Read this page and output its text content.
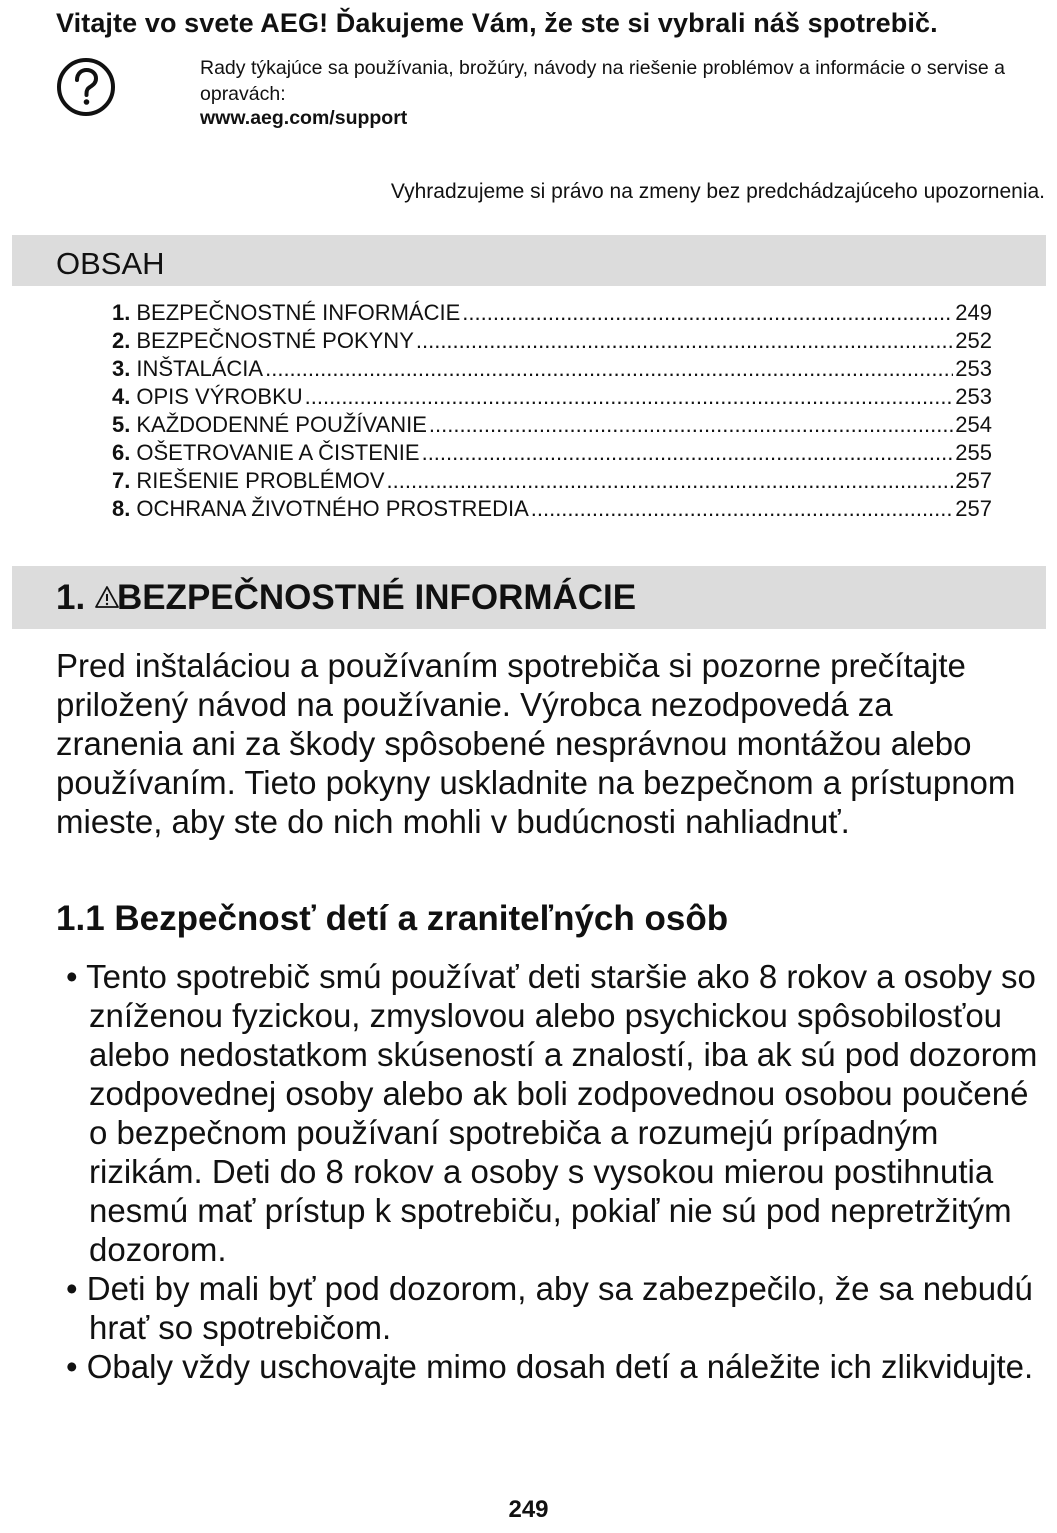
Vitajte vo svete AEG! Ďakujeme Vám, že ste si vybrali náš spotrebič.
Rady týkajúce sa používania, brožúry, návody na riešenie problémov a informácie o servise a opravách:
www.aeg.com/support
Vyhradzujeme si právo na zmeny bez predchádzajúceho upozornenia.
OBSAH
1. BEZPEČNOSTNÉ INFORMÁCIE .....	249
2. BEZPEČNOSTNÉ POKYNY .....	252
3. INŠTALÁCIA .....	253
4. OPIS VÝROBKU .....	253
5. KAŽDODENNÉ POUŽÍVANIE .....	254
6. OŠETROVANIE A ČISTENIE .....	255
7. RIEŠENIE PROBLÉMOV .....	257
8. OCHRANA ŽIVOTNÉHO PROSTREDIA .....	257
1. BEZPEČNOSTNÉ INFORMÁCIE

Pred inštaláciou a používaním spotrebiča si pozorne prečítajte priložený návod na používanie. Výrobca nezodpovedá za zranenia ani za škody spôsobené nesprávnou montážou alebo používaním. Tieto pokyny uskladnite na bezpečnom a prístupnom mieste, aby ste do nich mohli v budúcnosti nahliadnuť.

1.1 Bezpečnosť detí a zraniteľných osôb
• Tento spotrebič smú používať deti staršie ako 8 rokov a osoby so zníženou fyzickou, zmyslovou alebo psychickou spôsobilosťou alebo nedostatkom skúseností a znalostí, iba ak sú pod dozorom zodpovednej osoby alebo ak boli zodpovednou osobou poučené o bezpečnom používaní spotrebiča a rozumejú prípadným rizikám. Deti do 8 rokov a osoby s vysokou mierou postihnutia nesmú mať prístup k spotrebiču, pokiaľ nie sú pod nepretržitým dozorom.
• Deti by mali byť pod dozorom, aby sa zabezpečilo, že sa nebudú hrať so spotrebičom.
• Obaly vždy uschovajte mimo dosah detí a náležite ich zlikvidujte.
249
